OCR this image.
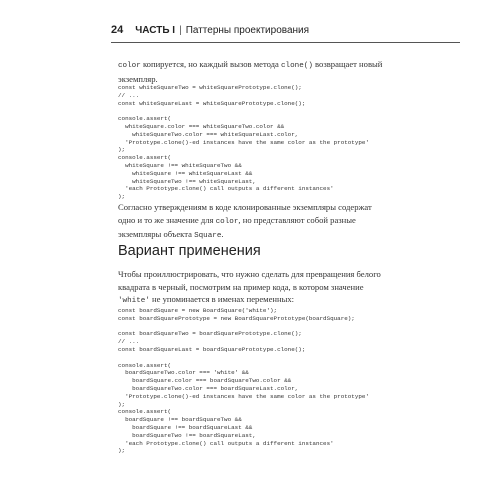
24 ЧАСТЬ I | Паттерны проектирования
color копируется, но каждый вызов метода clone() возвращает новый экземпляр.
const whiteSquareTwo = whiteSquarePrototype.clone();
// ...
const whiteSquareLast = whiteSquarePrototype.clone();

console.assert(
whiteSquare.color === whiteSquareTwo.color &&
whiteSquareTwo.color === whiteSquareLast.color,
'Prototype.clone()-ed instances have the same color as the prototype'
);
console.assert(
whiteSquare !== whiteSquareTwo &&
whiteSquare !== whiteSquareLast &&
whiteSquareTwo !== whiteSquareLast,
'each Prototype.clone() call outputs a different instances'
);
Согласно утверждениям в коде клонированные экземпляры содержат одно и то же значение для color, но представляют собой разные экземпляры объекта Square.
Вариант применения
Чтобы проиллюстрировать, что нужно сделать для превращения белого квадрата в черный, посмотрим на пример кода, в котором значение 'white' не упоминается в именах переменных:
const boardSquare = new BoardSquare('white');
const boardSquarePrototype = new BoardSquarePrototype(boardSquare);

const boardSquareTwo = boardSquarePrototype.clone();
// ...
const boardSquareLast = boardSquarePrototype.clone();

console.assert(
boardSquareTwo.color === 'white' &&
boardSquare.color === boardSquareTwo.color &&
boardSquareTwo.color === boardSquareLast.color,
'Prototype.clone()-ed instances have the same color as the prototype'
);
console.assert(
boardSquare !== boardSquareTwo &&
boardSquare !== boardSquareLast &&
boardSquareTwo !== boardSquareLast,
'each Prototype.clone() call outputs a different instances'
);
